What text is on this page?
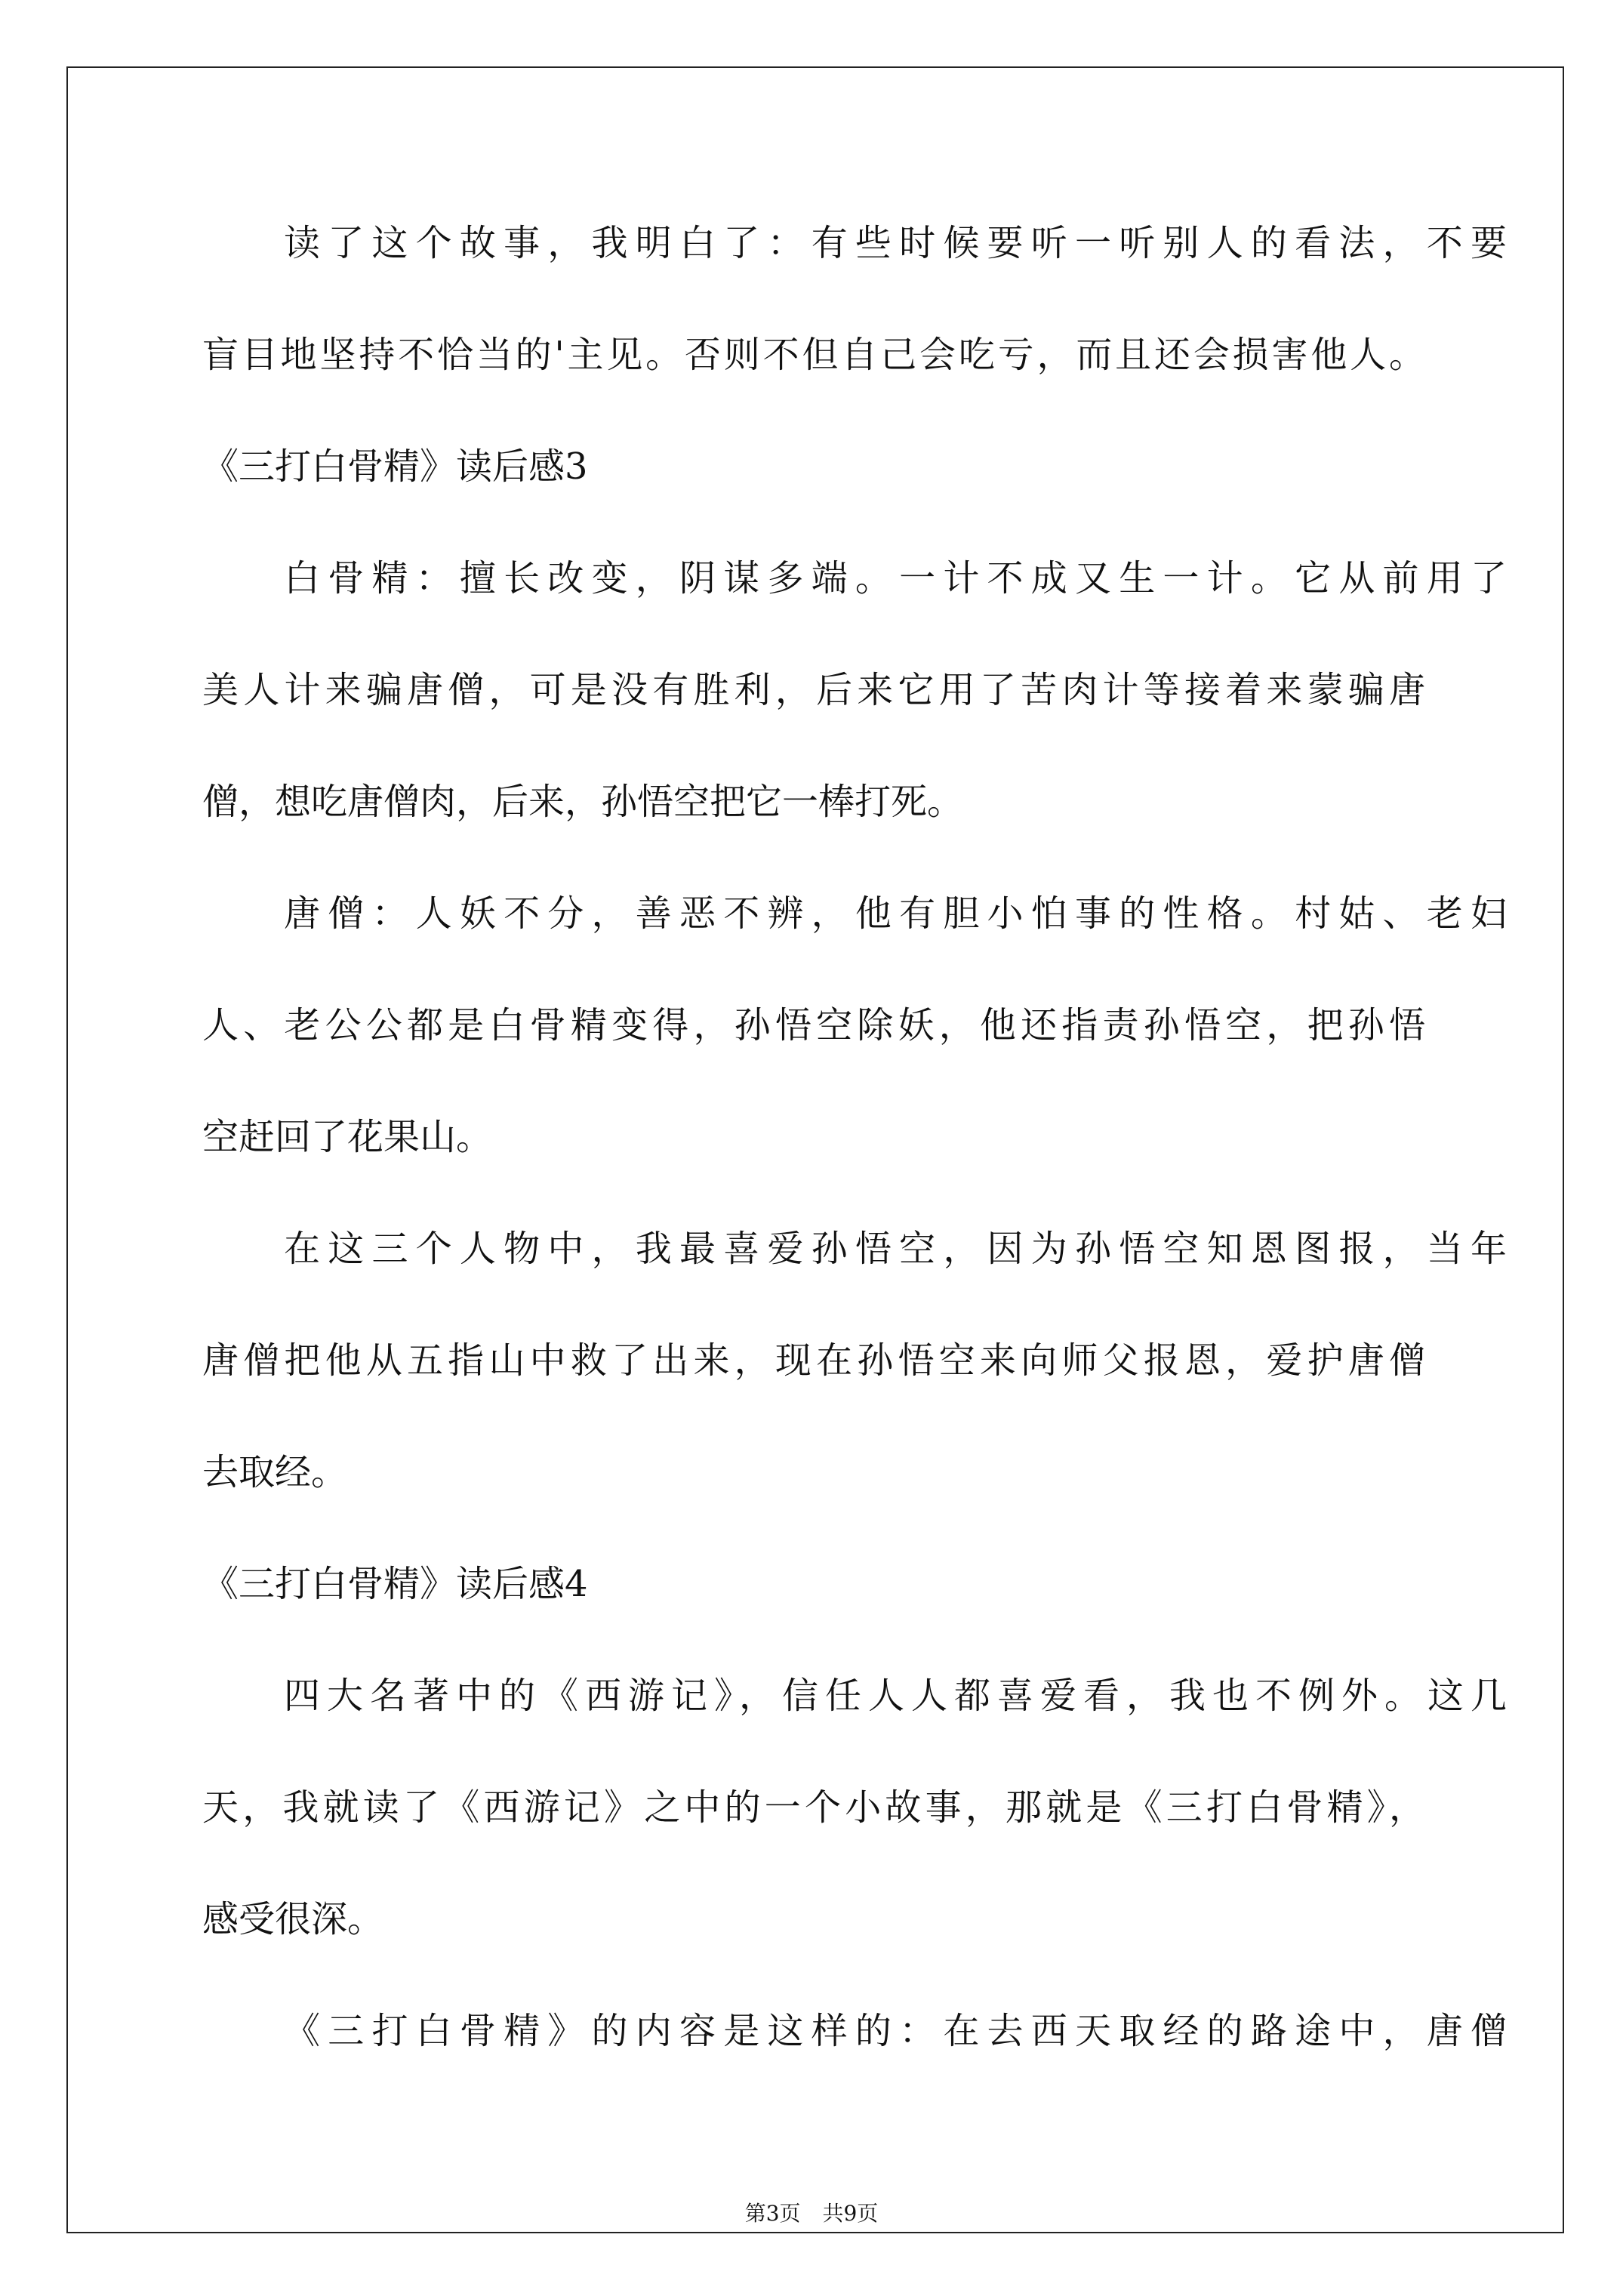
读了这个故事，我明白了：有些时候要听一听别人的看法，不要
盲目地坚持不恰当的'主见。否则不但自己会吃亏，而且还会损害他人。
《三打白骨精》读后感3
白骨精：擅长改变，阴谋多端。一计不成又生一计。它从前用了
美人计来骗唐僧，可是没有胜利，后来它用了苦肉计等接着来蒙骗唐
僧，想吃唐僧肉，后来，孙悟空把它一棒打死。
唐僧：人妖不分，善恶不辨，他有胆小怕事的性格。村姑、老妇
人、老公公都是白骨精变得，孙悟空除妖，他还指责孙悟空，把孙悟
空赶回了花果山。
在这三个人物中，我最喜爱孙悟空，因为孙悟空知恩图报，当年
唐僧把他从五指山中救了出来，现在孙悟空来向师父报恩，爱护唐僧
去取经。
《三打白骨精》读后感4
四大名著中的《西游记》，信任人人都喜爱看，我也不例外。这几
天，我就读了《西游记》之中的一个小故事，那就是《三打白骨精》，
感受很深。
《三打白骨精》的内容是这样的：在去西天取经的路途中，唐僧
第3页 共9页
